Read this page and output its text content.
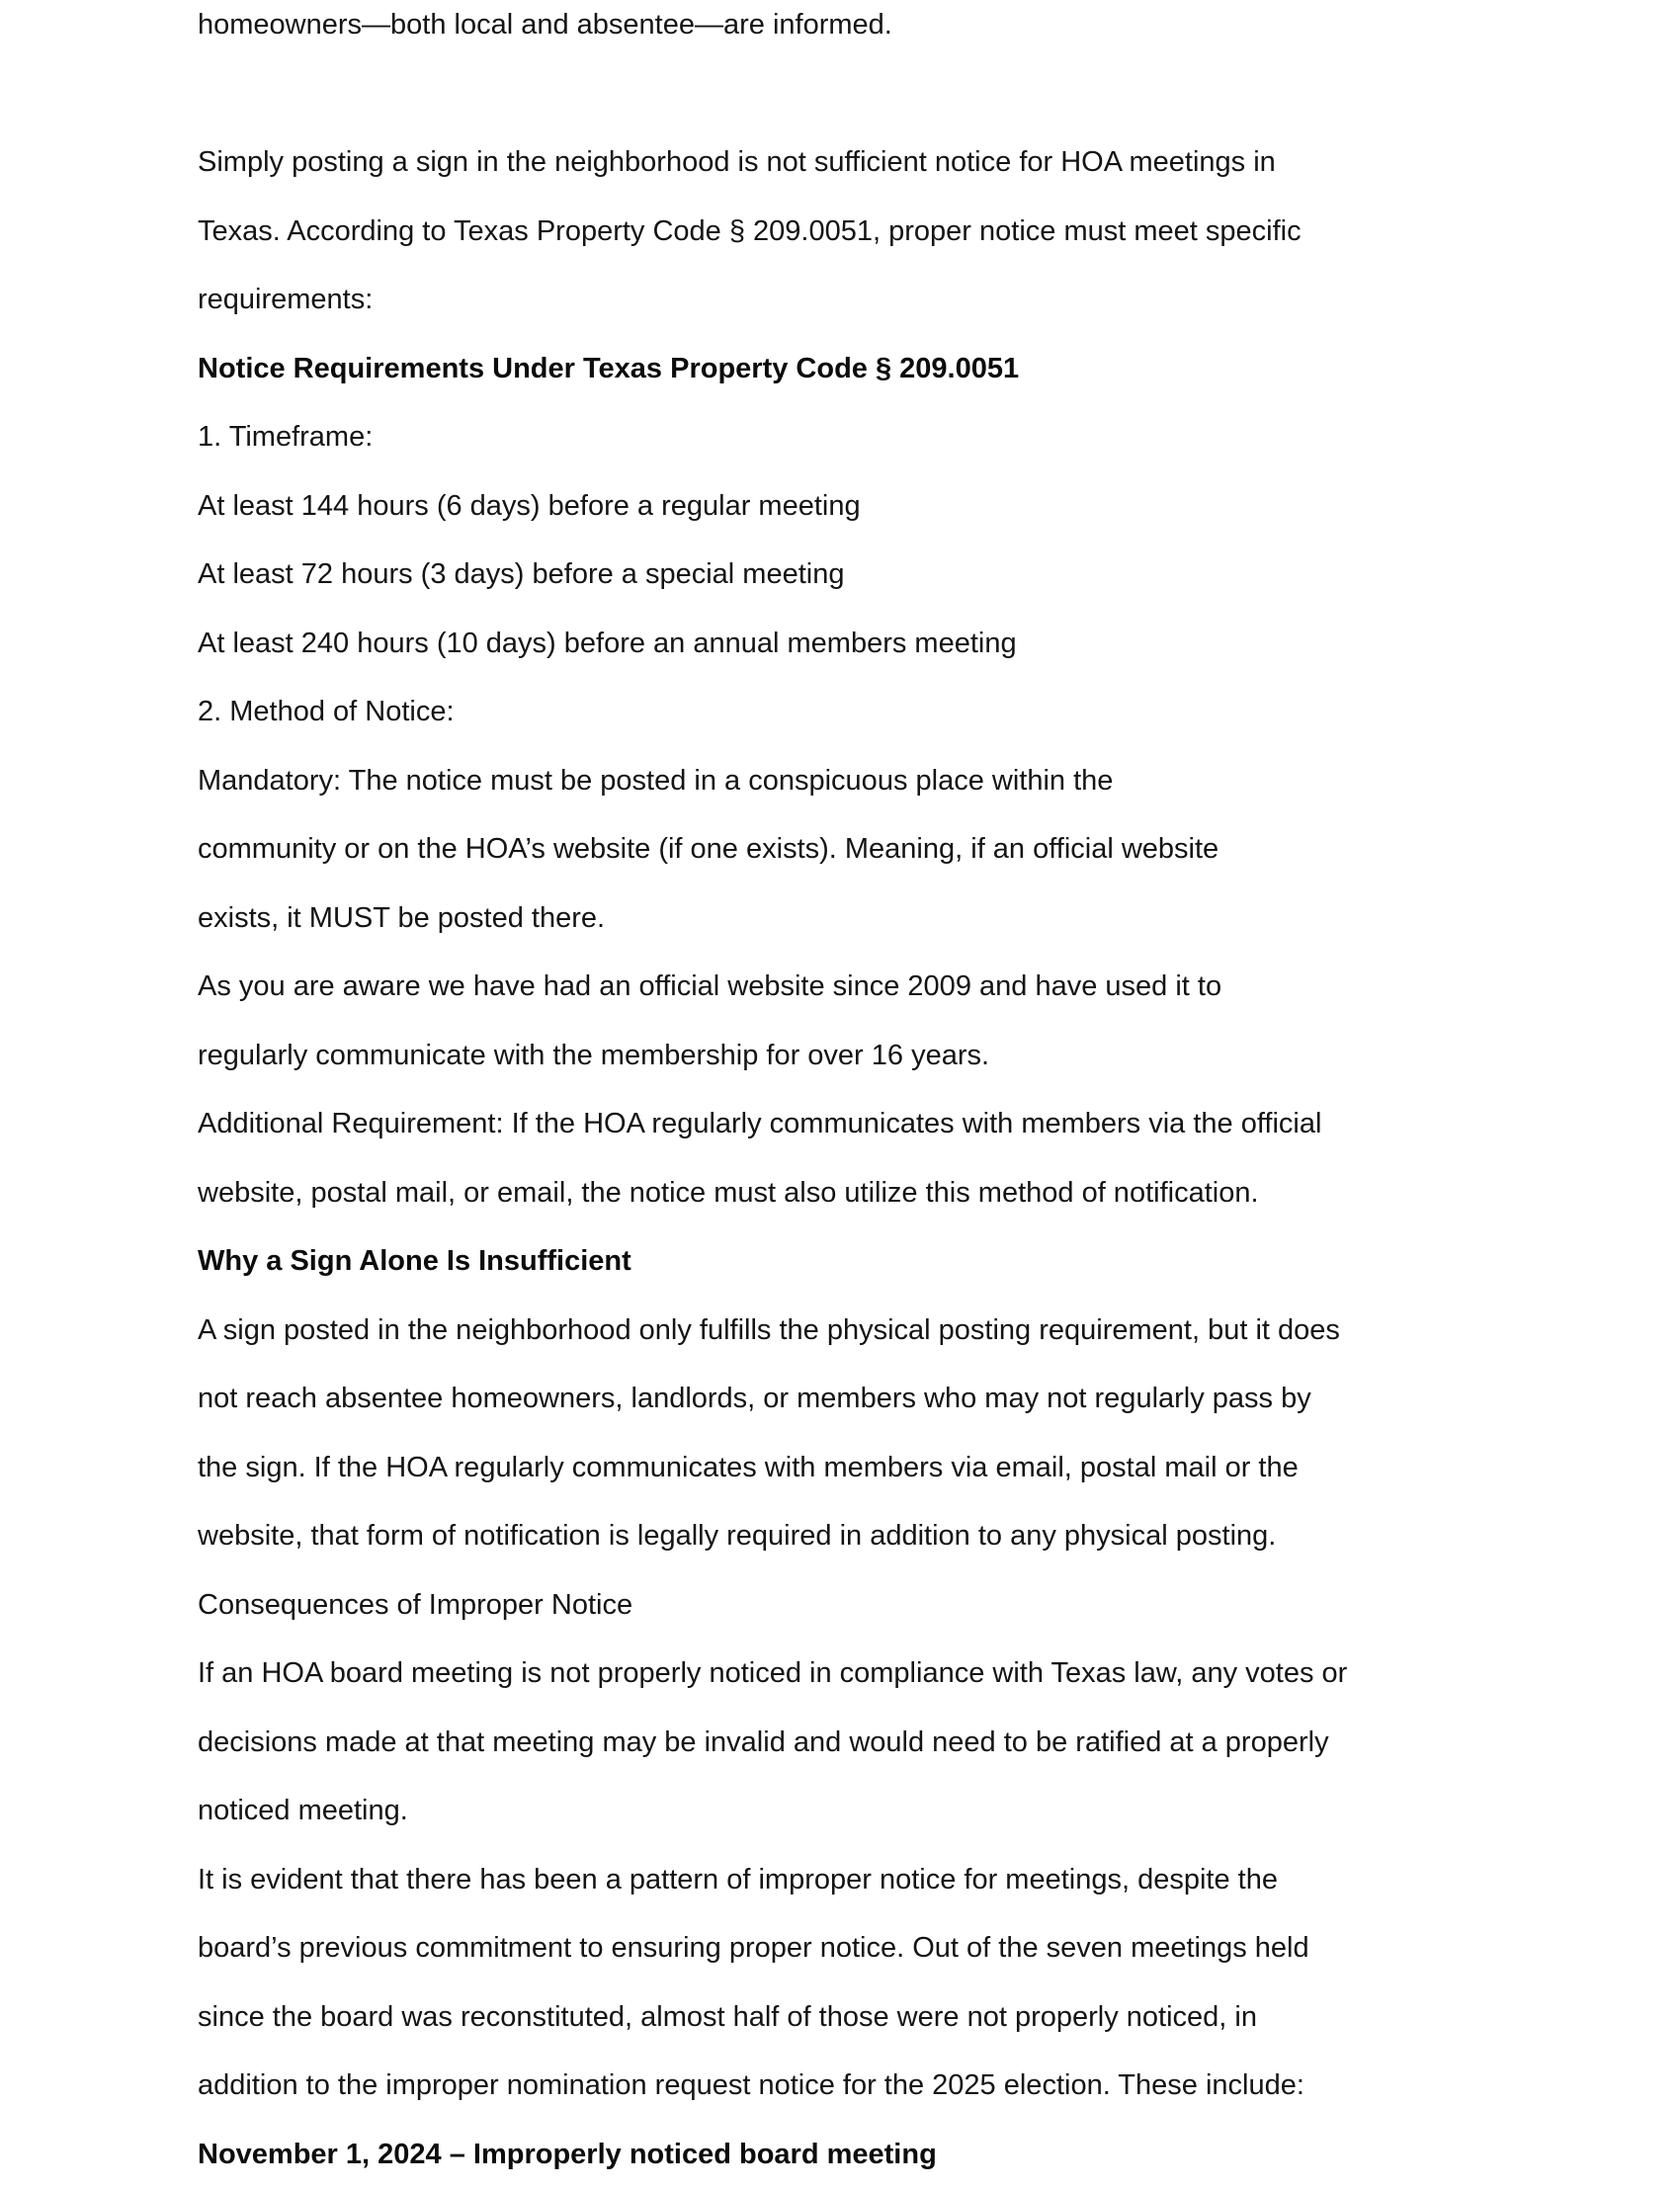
homeowners—both local and absentee—are informed.
Simply posting a sign in the neighborhood is not sufficient notice for HOA meetings in
Texas. According to Texas Property Code § 209.0051, proper notice must meet specific
requirements:
Notice Requirements Under Texas Property Code § 209.0051
1. Timeframe:
At least 144 hours (6 days) before a regular meeting
At least 72 hours (3 days) before a special meeting
At least 240 hours (10 days) before an annual members meeting
2. Method of Notice:
Mandatory: The notice must be posted in a conspicuous place within the
community or on the HOA’s website (if one exists). Meaning, if an official website
exists, it MUST be posted there.
As you are aware we have had an official website since 2009 and have used it to
regularly communicate with the membership for over 16 years.
Additional Requirement: If the HOA regularly communicates with members via the official
website, postal mail, or email, the notice must also utilize this method of notification.
Why a Sign Alone Is Insufficient
A sign posted in the neighborhood only fulfills the physical posting requirement, but it does
not reach absentee homeowners, landlords, or members who may not regularly pass by
the sign. If the HOA regularly communicates with members via email, postal mail or the
website, that form of notification is legally required in addition to any physical posting.
Consequences of Improper Notice
If an HOA board meeting is not properly noticed in compliance with Texas law, any votes or
decisions made at that meeting may be invalid and would need to be ratified at a properly
noticed meeting.
It is evident that there has been a pattern of improper notice for meetings, despite the
board’s previous commitment to ensuring proper notice. Out of the seven meetings held
since the board was reconstituted, almost half of those were not properly noticed, in
addition to the improper nomination request notice for the 2025 election. These include:
November 1, 2024 – Improperly noticed board meeting
